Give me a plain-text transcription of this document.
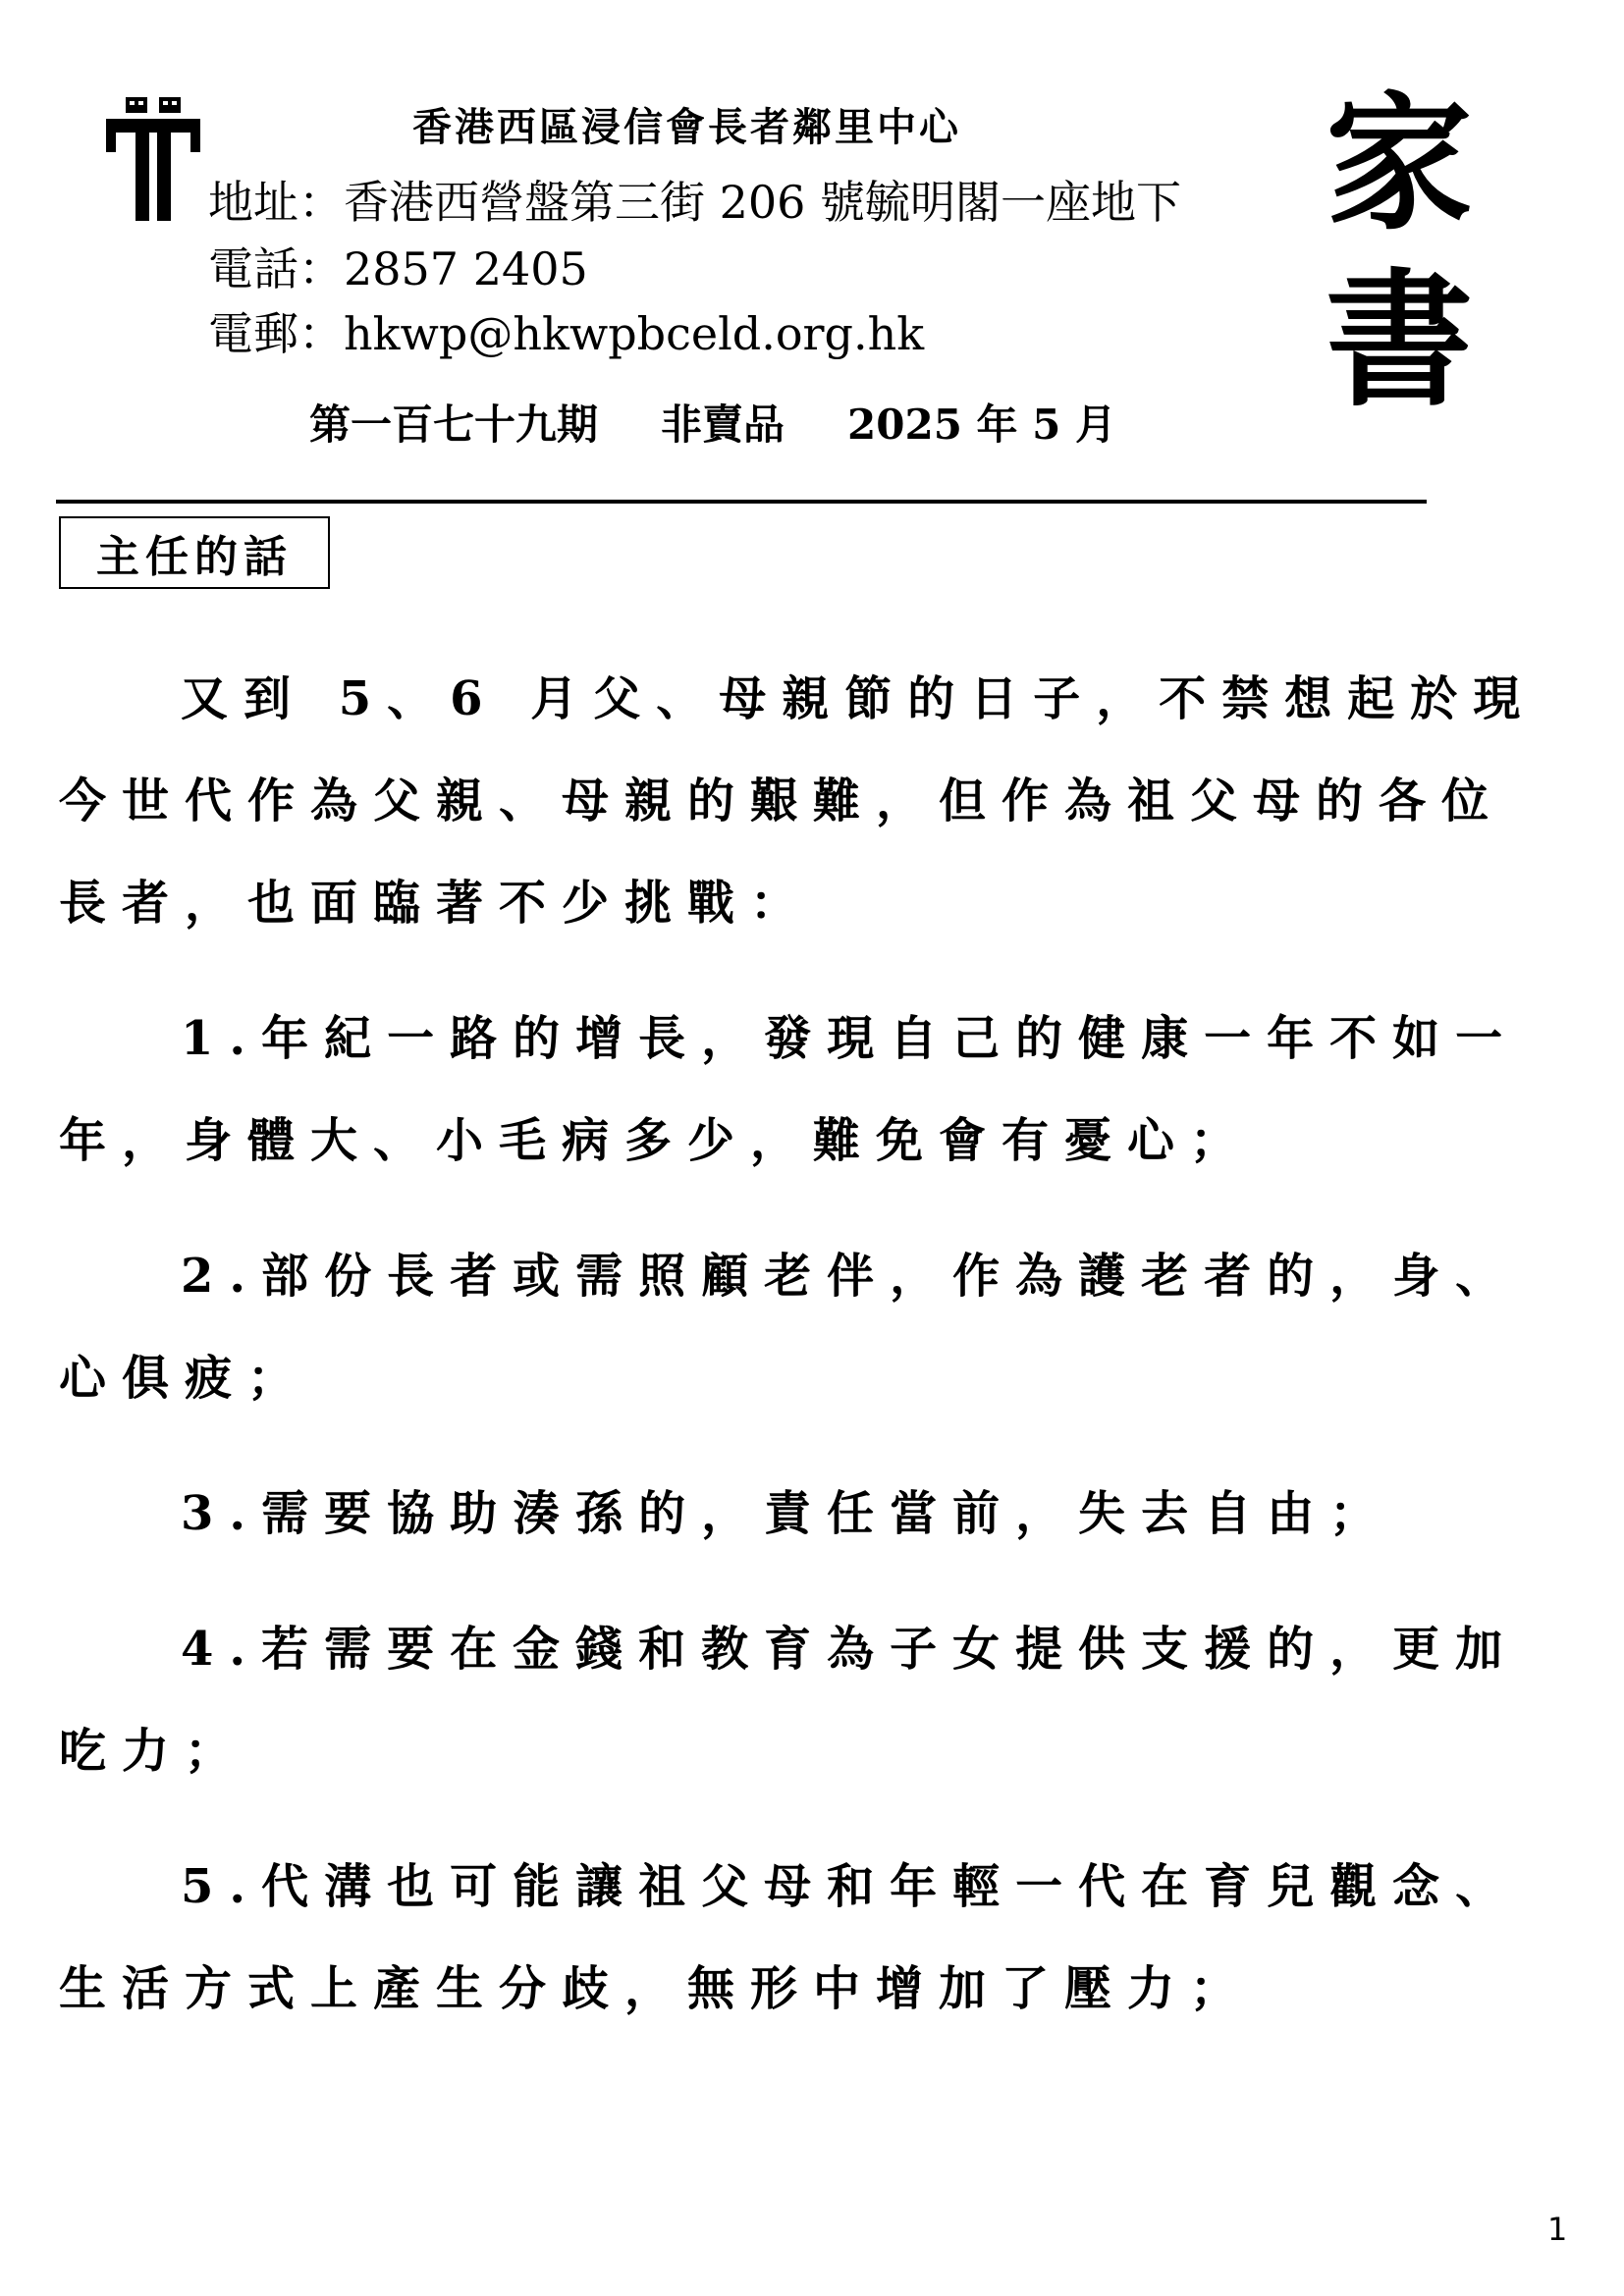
香港西區浸信會長者鄰里中心
地址：香港西營盤第三街 206 號毓明閣一座地下
電話：2857 2405
電郵：hkwp@hkwpbceld.org.hk
第一百七十九期 非賣品 2025 年 5 月
家
書
主任的話

又到 5、6 月父、母親節的日子，不禁想起於現今世代作為父親、母親的艱難，但作為祖父母的各位長者，也面臨著不少挑戰：

1.年紀一路的增長，發現自己的健康一年不如一年，身體大、小毛病多少，難免會有憂心；

2.部份長者或需照顧老伴，作為護老者的，身、心俱疲；

3.需要協助湊孫的，責任當前，失去自由；

4.若需要在金錢和教育為子女提供支援的，更加吃力；

5.代溝也可能讓祖父母和年輕一代在育兒觀念、生活方式上產生分歧，無形中增加了壓力；

1
